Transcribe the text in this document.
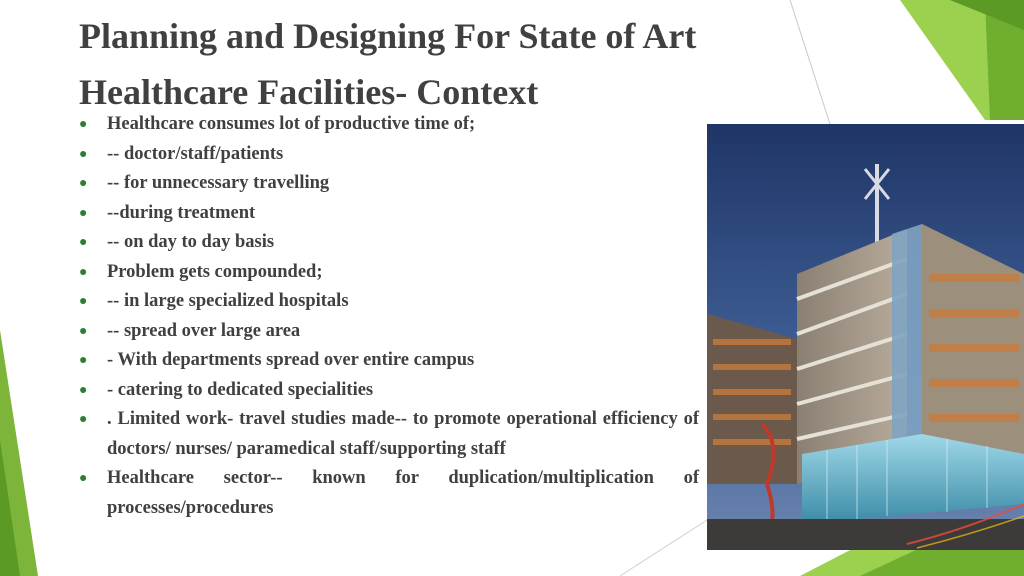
Planning and Designing For State of Art
Healthcare Facilities- Context
● Healthcare consumes lot of productive time of;
● -- doctor/staff/patients
● -- for unnecessary travelling
● --during treatment
● -- on day to day basis
● Problem gets compounded;
● -- in large specialized hospitals
● -- spread over large area
● - With departments spread over entire campus
● - catering to dedicated specialities
● . Limited work- travel studies made-- to promote operational efficiency of doctors/ nurses/ paramedical staff/supporting staff
● Healthcare sector-- known for duplication/multiplication of processes/procedures
